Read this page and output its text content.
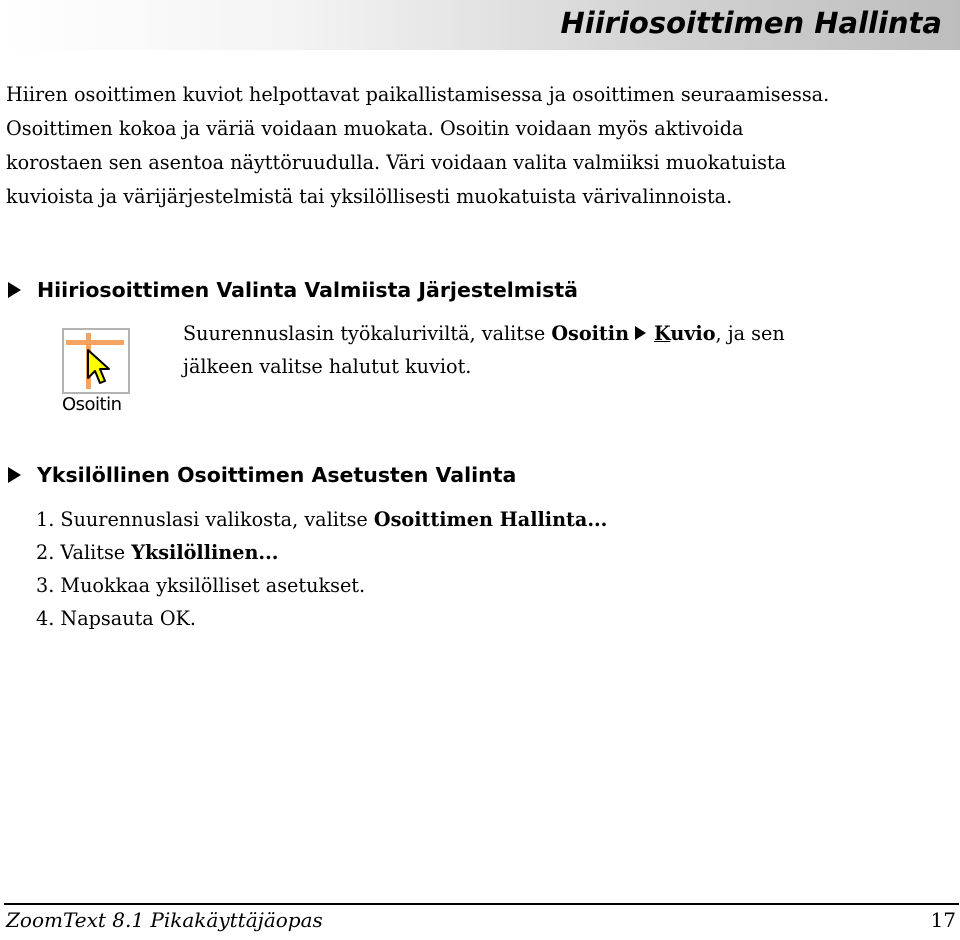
Hiiriosoittimen Hallinta

Hiiren osoittimen kuviot helpottavat paikallistamisessa ja osoittimen seuraamisessa.

Osoittimen kokoa ja väriä voidaan muokata. Osoitin voidaan myös aktivoida

korostaen sen asentoa näyttöruudulla. Väri voidaan valita valmiiksi muokatuista

kuvioista ja värijärjestelmistä tai yksilöllisesti muokatuista värivalinnoista.

Hiiriosoittimen Valinta Valmiista Järjestelmistä
Osoitin

Suurennuslasin työkaluriviltä, valitse Osoitin Kuvio, ja sen

jälkeen valitse halutut kuviot.

Yksilöllinen Osoittimen Asetusten Valinta
1. Suurennuslasi valikosta, valitse Osoittimen Hallinta...
2. Valitse Yksilöllinen...
3. Muokkaa yksilölliset asetukset.
4. Napsauta OK.
ZoomText 8.1 Pikakäyttäjäopas	17
